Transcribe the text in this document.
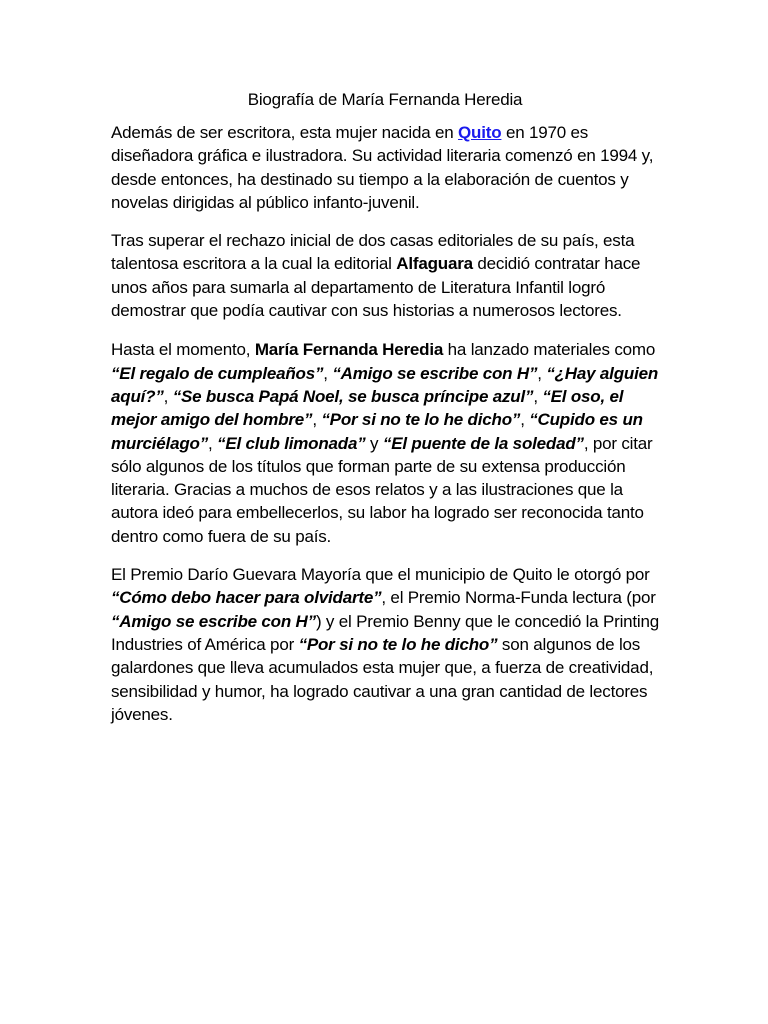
Biografía de María Fernanda Heredia

Además de ser escritora, esta mujer nacida en Quito en 1970 es diseñadora gráfica e ilustradora. Su actividad literaria comenzó en 1994 y, desde entonces, ha destinado su tiempo a la elaboración de cuentos y novelas dirigidas al público infanto-juvenil.

Tras superar el rechazo inicial de dos casas editoriales de su país, esta talentosa escritora a la cual la editorial Alfaguara decidió contratar hace unos años para sumarla al departamento de Literatura Infantil logró demostrar que podía cautivar con sus historias a numerosos lectores.

Hasta el momento, María Fernanda Heredia ha lanzado materiales como “El regalo de cumpleaños”, “Amigo se escribe con H”, “¿Hay alguien aquí?”, “Se busca Papá Noel, se busca príncipe azul”, “El oso, el mejor amigo del hombre”, “Por si no te lo he dicho”, “Cupido es un murciélago”, “El club limonada” y “El puente de la soledad”, por citar sólo algunos de los títulos que forman parte de su extensa producción literaria. Gracias a muchos de esos relatos y a las ilustraciones que la autora ideó para embellecerlos, su labor ha logrado ser reconocida tanto dentro como fuera de su país.

El Premio Darío Guevara Mayoría que el municipio de Quito le otorgó por “Cómo debo hacer para olvidarte”, el Premio Norma-Funda lectura (por “Amigo se escribe con H”) y el Premio Benny que le concedió la Printing Industries of América por “Por si no te lo he dicho” son algunos de los galardones que lleva acumulados esta mujer que, a fuerza de creatividad, sensibilidad y humor, ha logrado cautivar a una gran cantidad de lectores jóvenes.
